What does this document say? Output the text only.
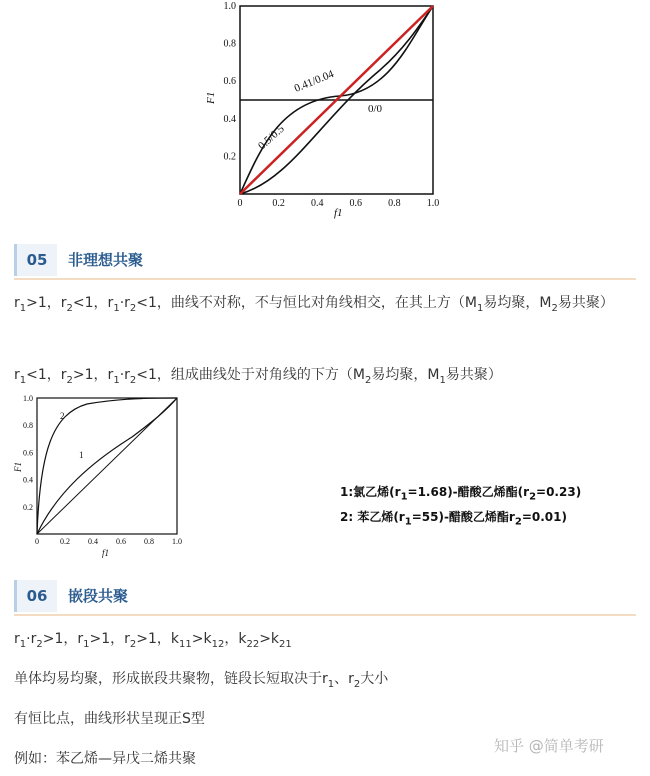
0.2
0.4
0.6
0.8
1.0
0	0.2	0.4	0.6	0.8	1.0
F1
f1
0.41/0.04
0/0
0.5/0.5
05	非理想共聚
$r_1>1$，$r_2<1$，$r_1\cdot r_2<1$，曲线不对称，不与恒比对角线相交，在其上方（$M_1$易均聚，$M_2$易共聚）
$r_1<1$，$r_2>1$，$r_1\cdot r_2<1$，组成曲线处于对角线的下方（$M_2$易均聚，$M_1$易共聚）
0.2
0.4
0.6
0.8
1.0
0	0.2 0.4 0.6 0.8 1.0
F1
f1
1
2
1:氯乙烯$(r_1=1.68)-$醋酸乙烯酯$(r_2=0.23)$
2: 苯乙烯$(r_1=55)-$醋酸乙烯酯$r_2=0.01$)
06	嵌段共聚
$r_1\cdot r_2>1$，$r_1>1$，$r_2>1$，$k_{11}>k_{12}$，$k_{22}>k_{21}$
单体均易均聚，形成嵌段共聚物，链段长短取决于$r_1$、$r_2$大小
有恒比点，曲线形状呈现正S型
例如：苯乙烯—异戊二烯共聚
知乎 @简单考研
